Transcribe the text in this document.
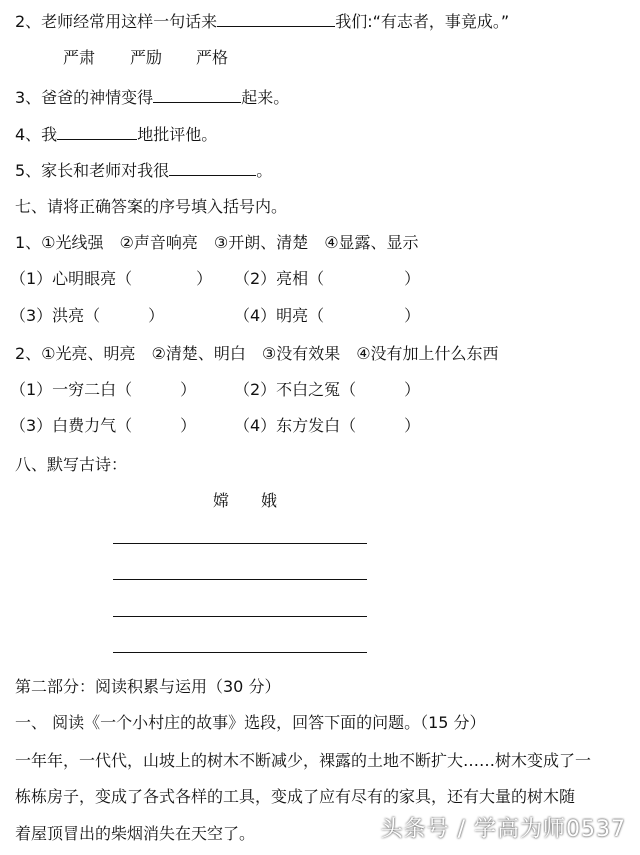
2、老师经常用这样一句话来	我们:“有志者，事竟成。”
严肃 严励 严格
3、爸爸的神情变得	起来。
4、我	地批评他。
5、家长和老师对我很	。
七、请将正确答案的序号填入括号内。
1、①光线强　②声音响亮　③开朗、清楚　④显露、显示
（1）心明眼亮（　　　　） （2）亮相（　　　　　）
（3）洪亮（　　　）	（4）明亮（　　　　　）
2、①光亮、明亮　②清楚、明白　③没有效果　④没有加上什么东西
（1）一穷二白（　　　） （2）不白之冤（　　　）
（3）白费力气（　　　） （4）东方发白（　　　）
八、默写古诗：
嫦　　娥
第二部分：阅读积累与运用（30 分）
一、 阅读《一个小村庄的故事》选段，回答下面的问题。（15 分）
一年年，一代代，山坡上的树木不断减少，裸露的土地不断扩大……树木变成了一
栋栋房子，变成了各式各样的工具，变成了应有尽有的家具，还有大量的树木随
着屋顶冒出的柴烟消失在天空了。	头条号 / 学高为师0537
